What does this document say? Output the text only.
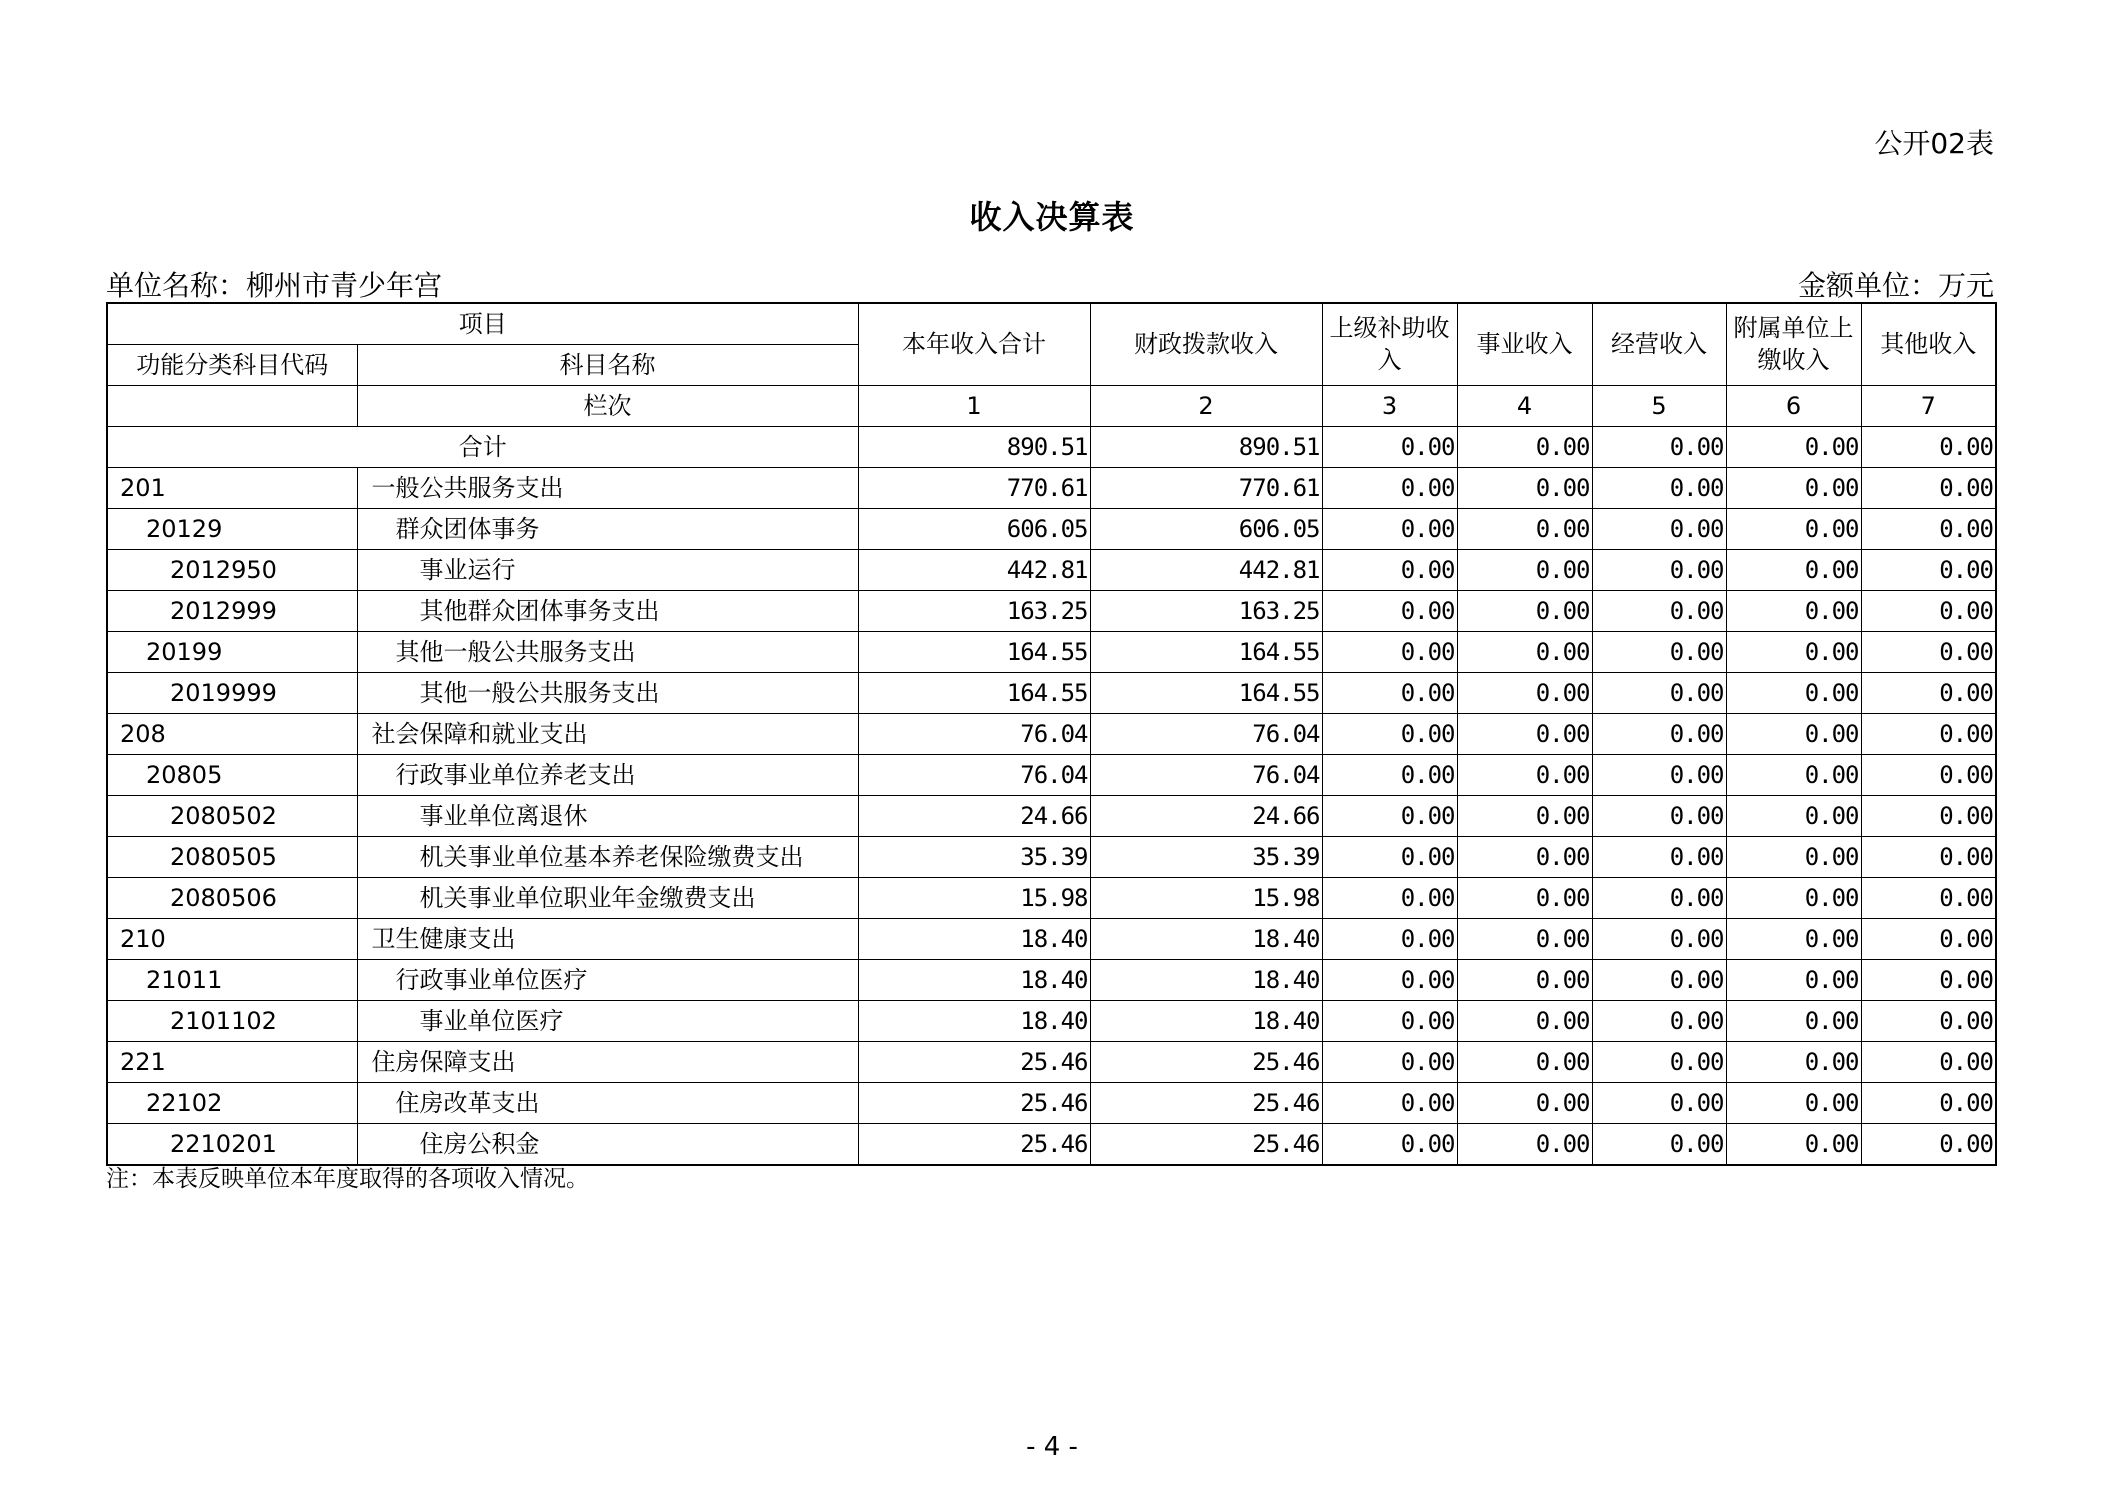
公开02表
收入决算表
单位名称：柳州市青少年宫	金额单位：万元
项目		本年收入合计	财政拨款收入	上级补助收入	事业收入	经营收入	附属单位上缴收入	其他收入
功能分类科目代码	科目名称							
	栏次	1	2	3	4	5	6	7
合计		890.51	890.51	0.00	0.00	0.00	0.00	0.00
201	一般公共服务支出	770.61	770.61	0.00	0.00	0.00	0.00	0.00
20129	群众团体事务	606.05	606.05	0.00	0.00	0.00	0.00	0.00
2012950	事业运行	442.81	442.81	0.00	0.00	0.00	0.00	0.00
2012999	其他群众团体事务支出	163.25	163.25	0.00	0.00	0.00	0.00	0.00
20199	其他一般公共服务支出	164.55	164.55	0.00	0.00	0.00	0.00	0.00
2019999	其他一般公共服务支出	164.55	164.55	0.00	0.00	0.00	0.00	0.00
208	社会保障和就业支出	76.04	76.04	0.00	0.00	0.00	0.00	0.00
20805	行政事业单位养老支出	76.04	76.04	0.00	0.00	0.00	0.00	0.00
2080502	事业单位离退休	24.66	24.66	0.00	0.00	0.00	0.00	0.00
2080505	机关事业单位基本养老保险缴费支出	35.39	35.39	0.00	0.00	0.00	0.00	0.00
2080506	机关事业单位职业年金缴费支出	15.98	15.98	0.00	0.00	0.00	0.00	0.00
210	卫生健康支出	18.40	18.40	0.00	0.00	0.00	0.00	0.00
21011	行政事业单位医疗	18.40	18.40	0.00	0.00	0.00	0.00	0.00
2101102	事业单位医疗	18.40	18.40	0.00	0.00	0.00	0.00	0.00
221	住房保障支出	25.46	25.46	0.00	0.00	0.00	0.00	0.00
22102	住房改革支出	25.46	25.46	0.00	0.00	0.00	0.00	0.00
2210201	住房公积金	25.46	25.46	0.00	0.00	0.00	0.00	0.00
注：本表反映单位本年度取得的各项收入情况。
- 4 -
